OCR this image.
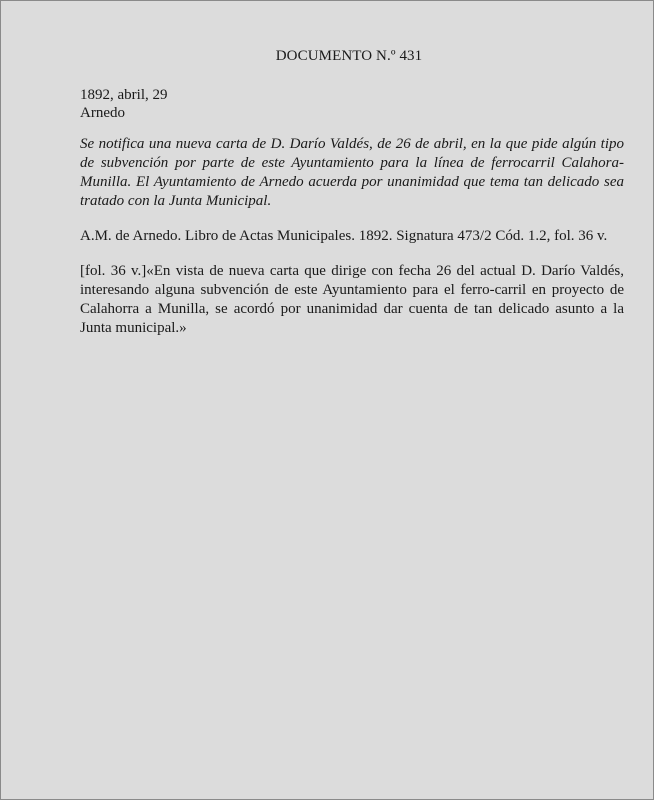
DOCUMENTO N.º 431
1892, abril, 29
Arnedo

Se notifica una nueva carta de D. Darío Valdés, de 26 de abril, en la que pide algún tipo de subvención por parte de este Ayuntamiento para la línea de ferrocarril Calahora- Munilla. El Ayuntamiento de Arnedo acuerda por unanimidad que tema tan delicado sea tratado con la Junta Municipal.

A.M. de Arnedo. Libro de Actas Municipales. 1892. Signatura 473/2 Cód. 1.2, fol. 36 v.

[fol. 36 v.]«En vista de nueva carta que dirige con fecha 26 del actual D. Darío Valdés, interesando alguna subvención de este Ayuntamiento para el ferro-carril en proyecto de Calahorra a Munilla, se acordó por unanimidad dar cuenta de tan delicado asunto a la Junta municipal.»
